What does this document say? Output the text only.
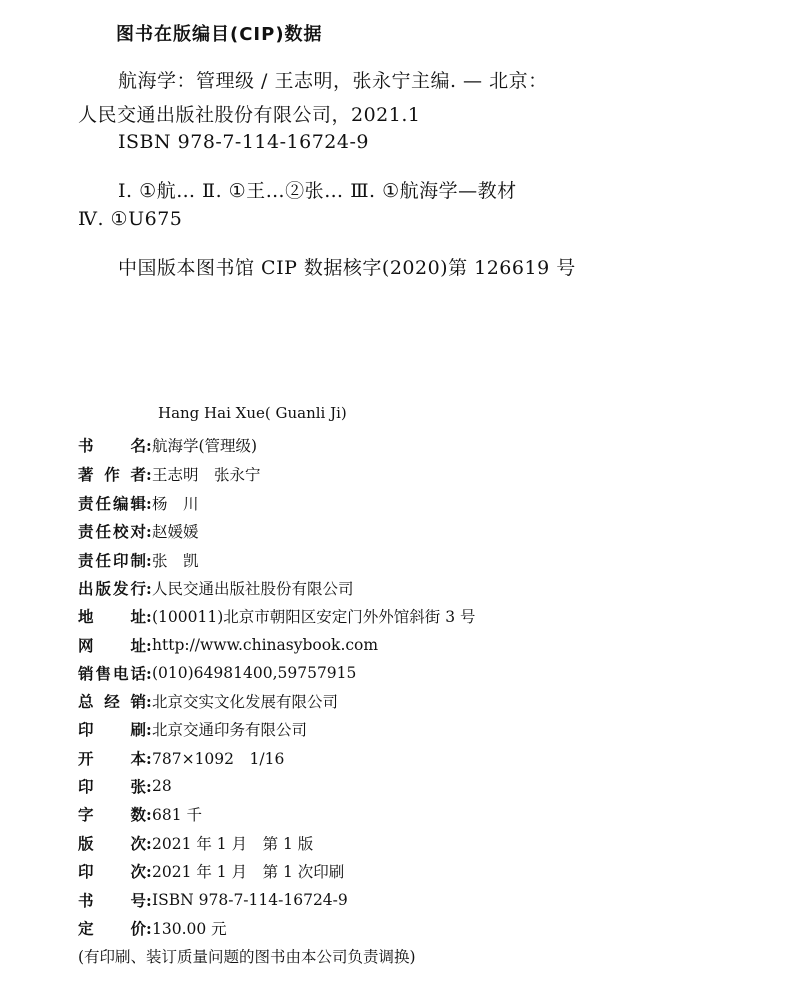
图书在版编目(CIP)数据
航海学：管理级 / 王志明，张永宁主编. — 北京：
人民交通出版社股份有限公司，2021.1
ISBN 978-7-114-16724-9
Ⅰ. ①航… Ⅱ. ①王…②张… Ⅲ. ①航海学—教材
Ⅳ. ①U675
中国版本图书馆 CIP 数据核字(2020)第 126619 号
Hang Hai Xue( Guanli Ji)
书名 : 航海学(管理级)
著作者 : 王志明　张永宁
责任编辑 : 杨　川
责任校对 : 赵媛媛
责任印制 : 张　凯
出版发行 : 人民交通出版社股份有限公司
地址 : (100011)北京市朝阳区安定门外外馆斜街 3 号
网址 : http://www.chinasybook.com
销售电话 : (010)64981400,59757915
总经销 : 北京交实文化发展有限公司
印刷 : 北京交通印务有限公司
开本 : 787×1092　1/16
印张 : 28
字数 : 681 千
版次 : 2021 年 1 月　第 1 版
印次 : 2021 年 1 月　第 1 次印刷
书号 : ISBN 978-7-114-16724-9
定价 : 130.00 元
(有印刷、装订质量问题的图书由本公司负责调换)
